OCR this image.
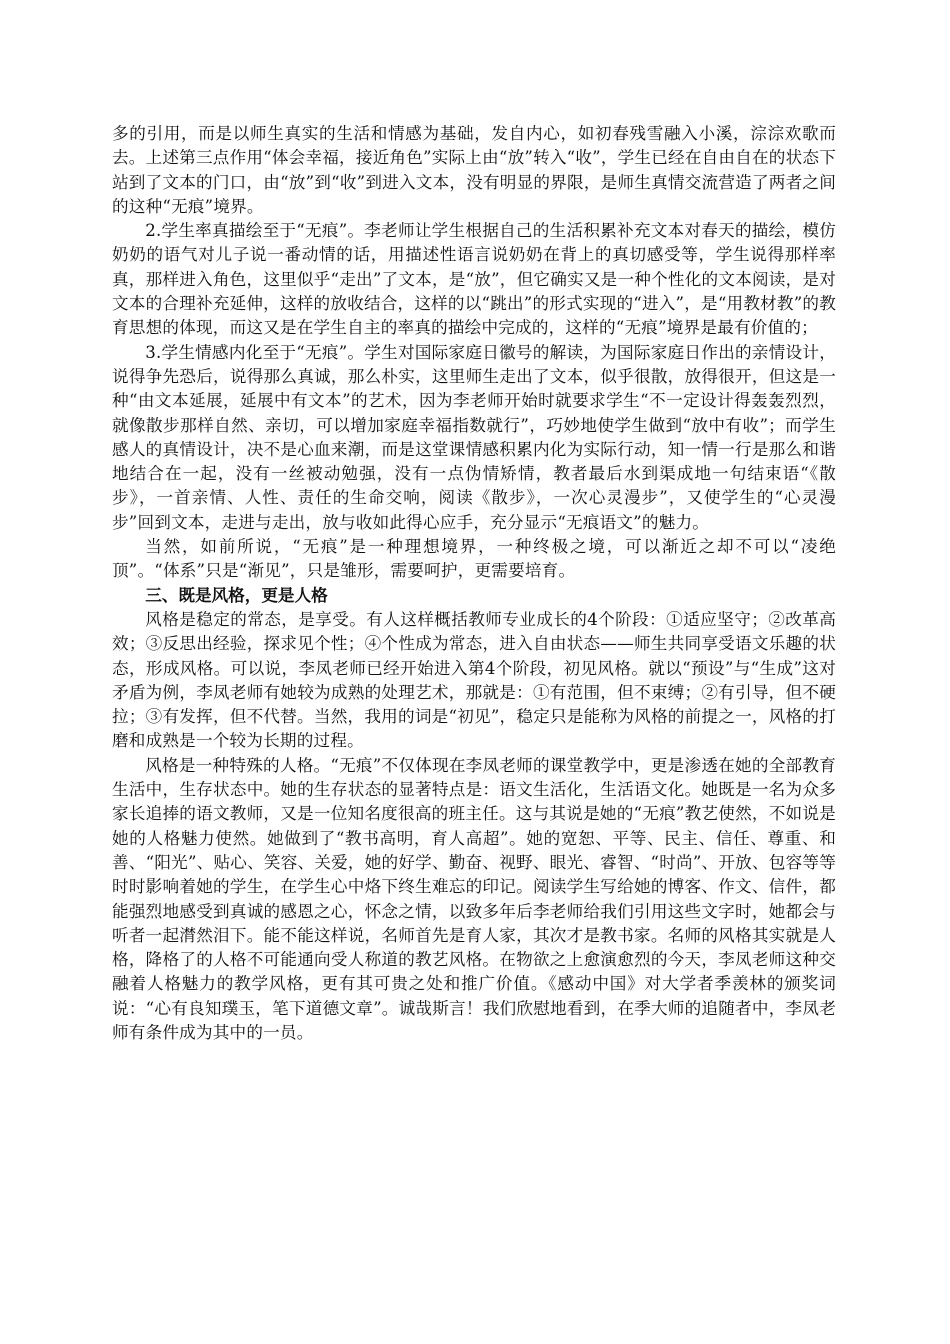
多的引用，而是以师生真实的生活和情感为基础，发自内心，如初春残雪融入小溪，淙淙欢歌而去。上述第三点作用“体会幸福，接近角色”实际上由“放”转入“收”，学生已经在自由自在的状态下站到了文本的门口，由“放”到“收”到进入文本，没有明显的界限，是师生真情交流营造了两者之间的这种“无痕”境界。

2.学生率真描绘至于“无痕”。李老师让学生根据自己的生活积累补充文本对春天的描绘，模仿奶奶的语气对儿子说一番动情的话，用描述性语言说奶奶在背上的真切感受等，学生说得那样率真，那样进入角色，这里似乎“走出”了文本，是“放”，但它确实又是一种个性化的文本阅读，是对文本的合理补充延伸，这样的放收结合，这样的以“跳出”的形式实现的“进入”，是“用教材教”的教育思想的体现，而这又是在学生自主的率真的描绘中完成的，这样的“无痕”境界是最有价值的；

3.学生情感内化至于“无痕”。学生对国际家庭日徽号的解读，为国际家庭日作出的亲情设计，说得争先恐后，说得那么真诚，那么朴实，这里师生走出了文本，似乎很散，放得很开，但这是一种“由文本延展，延展中有文本”的艺术，因为李老师开始时就要求学生“不一定设计得轰轰烈烈，就像散步那样自然、亲切，可以增加家庭幸福指数就行”，巧妙地使学生做到“放中有收”；而学生感人的真情设计，决不是心血来潮，而是这堂课情感积累内化为实际行动，知一情一行是那么和谐地结合在一起，没有一丝被动勉强，没有一点伪情矫情，教者最后水到渠成地一句结束语“《散步》，一首亲情、人性、责任的生命交响，阅读《散步》，一次心灵漫步”，又使学生的“心灵漫步”回到文本，走进与走出，放与收如此得心应手，充分显示“无痕语文”的魅力。

当然，如前所说，“无痕”是一种理想境界，一种终极之境，可以渐近之却不可以“凌绝顶”。“体系”只是“渐见”，只是雏形，需要呵护，更需要培育。

三、既是风格，更是人格

风格是稳定的常态，是享受。有人这样概括教师专业成长的4个阶段：①适应坚守；②改革高效；③反思出经验，探求见个性；④个性成为常态，进入自由状态——师生共同享受语文乐趣的状态，形成风格。可以说，李凤老师已经开始进入第4个阶段，初见风格。就以“预设”与“生成”这对矛盾为例，李凤老师有她较为成熟的处理艺术，那就是：①有范围，但不束缚；②有引导，但不硬拉；③有发挥，但不代替。当然，我用的词是“初见”，稳定只是能称为风格的前提之一，风格的打磨和成熟是一个较为长期的过程。

风格是一种特殊的人格。“无痕”不仅体现在李凤老师的课堂教学中，更是渗透在她的全部教育生活中，生存状态中。她的生存状态的显著特点是：语文生活化，生活语文化。她既是一名为众多家长追捧的语文教师，又是一位知名度很高的班主任。这与其说是她的“无痕”教艺使然，不如说是她的人格魅力使然。她做到了“教书高明，育人高超”。她的宽恕、平等、民主、信任、尊重、和善、“阳光”、贴心、笑容、关爱，她的好学、勤奋、视野、眼光、睿智、“时尚”、开放、包容等等时时影响着她的学生，在学生心中烙下终生难忘的印记。阅读学生写给她的博客、作文、信件，都能强烈地感受到真诚的感恩之心，怀念之情，以致多年后李老师给我们引用这些文字时，她都会与听者一起潸然泪下。能不能这样说，名师首先是育人家，其次才是教书家。名师的风格其实就是人格，降格了的人格不可能通向受人称道的教艺风格。在物欲之上愈演愈烈的今天，李凤老师这种交融着人格魅力的教学风格，更有其可贵之处和推广价值。《感动中国》对大学者季羡林的颁奖词说：“心有良知璞玉，笔下道德文章”。诚哉斯言！我们欣慰地看到，在季大师的追随者中，李凤老师有条件成为其中的一员。
